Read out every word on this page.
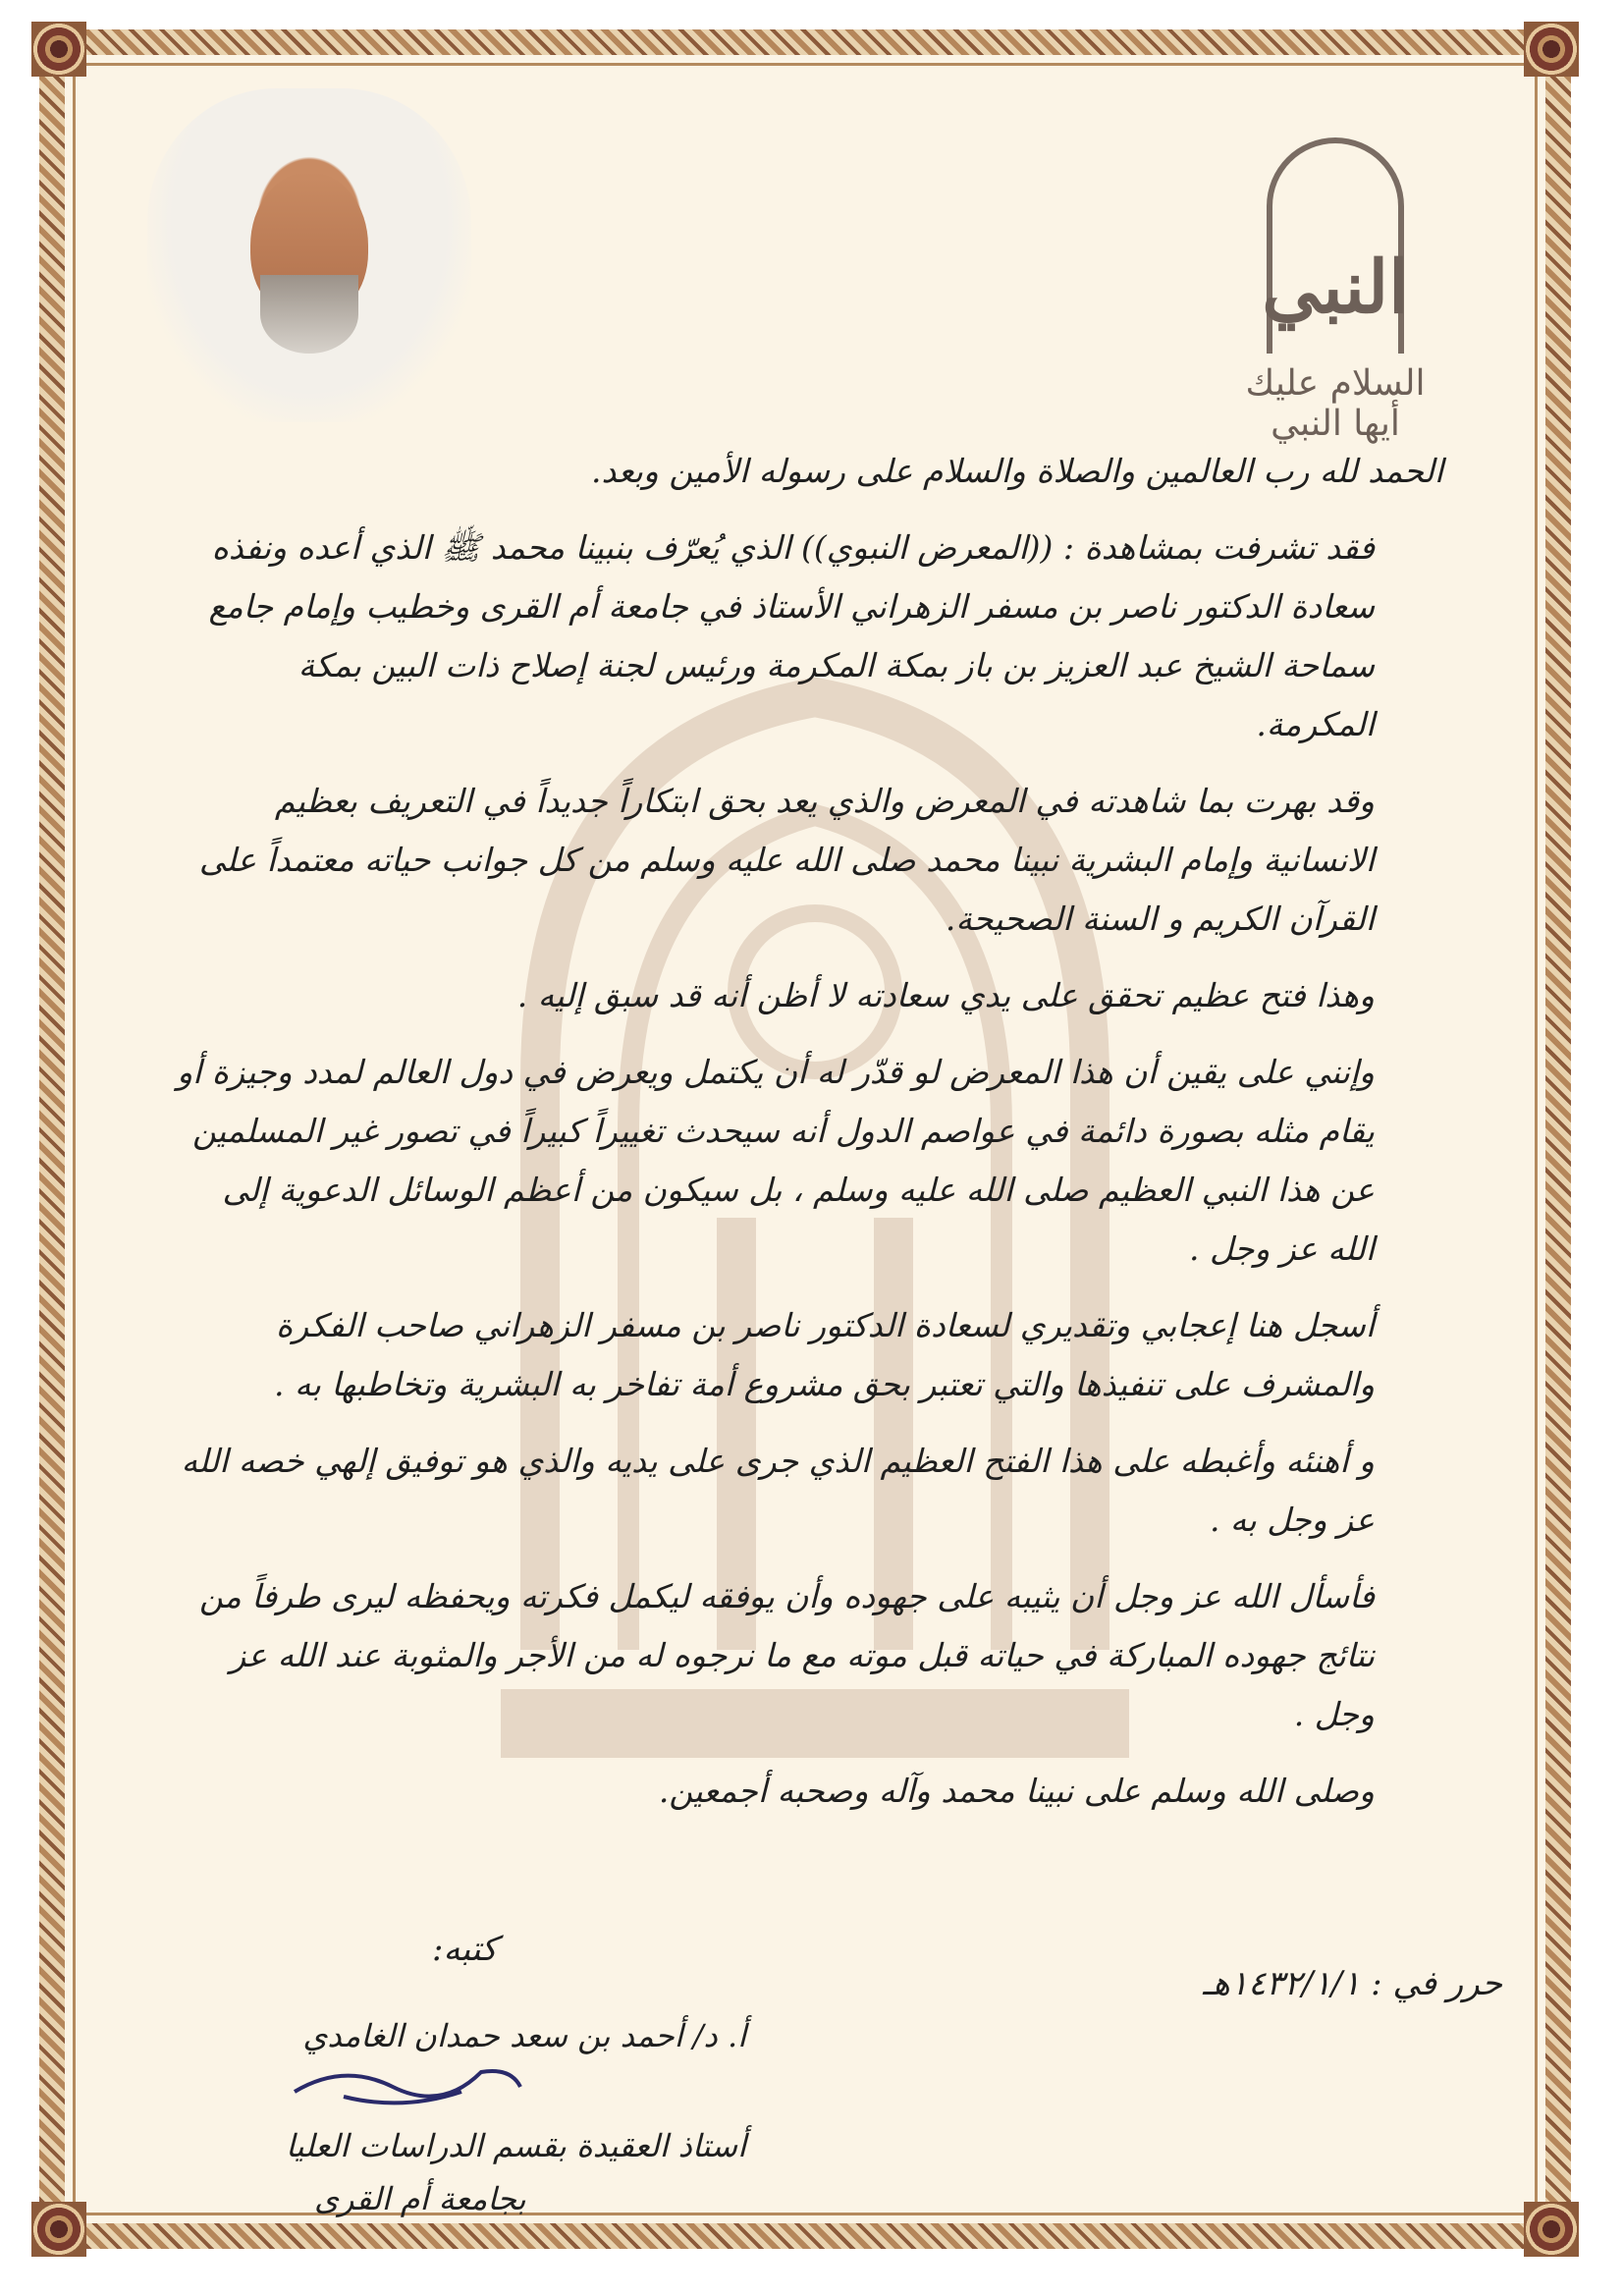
النبي
السلام عليك أيها النبي

الحمد لله رب العالمين والصلاة والسلام على رسوله الأمين وبعد.

فقد تشرفت بمشاهدة : ((المعرض النبوي)) الذي يُعرّف بنبينا محمد ﷺ الذي أعده ونفذه سعادة الدكتور ناصر بن مسفر الزهراني الأستاذ في جامعة أم القرى وخطيب وإمام جامع سماحة الشيخ عبد العزيز بن باز بمكة المكرمة ورئيس لجنة إصلاح ذات البين بمكة المكرمة.

وقد بهرت بما شاهدته في المعرض والذي يعد بحق ابتكاراً جديداً في التعريف بعظيم الانسانية وإمام البشرية نبينا محمد صلى الله عليه وسلم من كل جوانب حياته معتمداً على القرآن الكريم و السنة الصحيحة.

وهذا فتح عظيم تحقق على يدي سعادته لا أظن أنه قد سبق إليه .

وإنني على يقين أن هذا المعرض لو قدّر له أن يكتمل ويعرض في دول العالم لمدد وجيزة أو يقام مثله بصورة دائمة في عواصم الدول أنه سيحدث تغييراً كبيراً في تصور غير المسلمين عن هذا النبي العظيم صلى الله عليه وسلم ، بل سيكون من أعظم الوسائل الدعوية إلى الله عز وجل .

أسجل هنا إعجابي وتقديري لسعادة الدكتور ناصر بن مسفر الزهراني صاحب الفكرة والمشرف على تنفيذها والتي تعتبر بحق مشروع أمة تفاخر به البشرية وتخاطبها به .

و أهنئه وأغبطه على هذا الفتح العظيم الذي جرى على يديه والذي هو توفيق إلهي خصه الله عز وجل به .

فأسأل الله عز وجل أن يثيبه على جهوده وأن يوفقه ليكمل فكرته ويحفظه ليرى طرفاً من نتائج جهوده المباركة في حياته قبل موته مع ما نرجوه له من الأجر والمثوبة عند الله عز وجل .

وصلى الله وسلم على نبينا محمد وآله وصحبه أجمعين.

كتبه:
حرر في : ١٤٣٢/١/١هـ
أ. د/ أحمد بن سعد حمدان الغامدي
أستاذ العقيدة بقسم الدراسات العليا
بجامعة أم القرى
